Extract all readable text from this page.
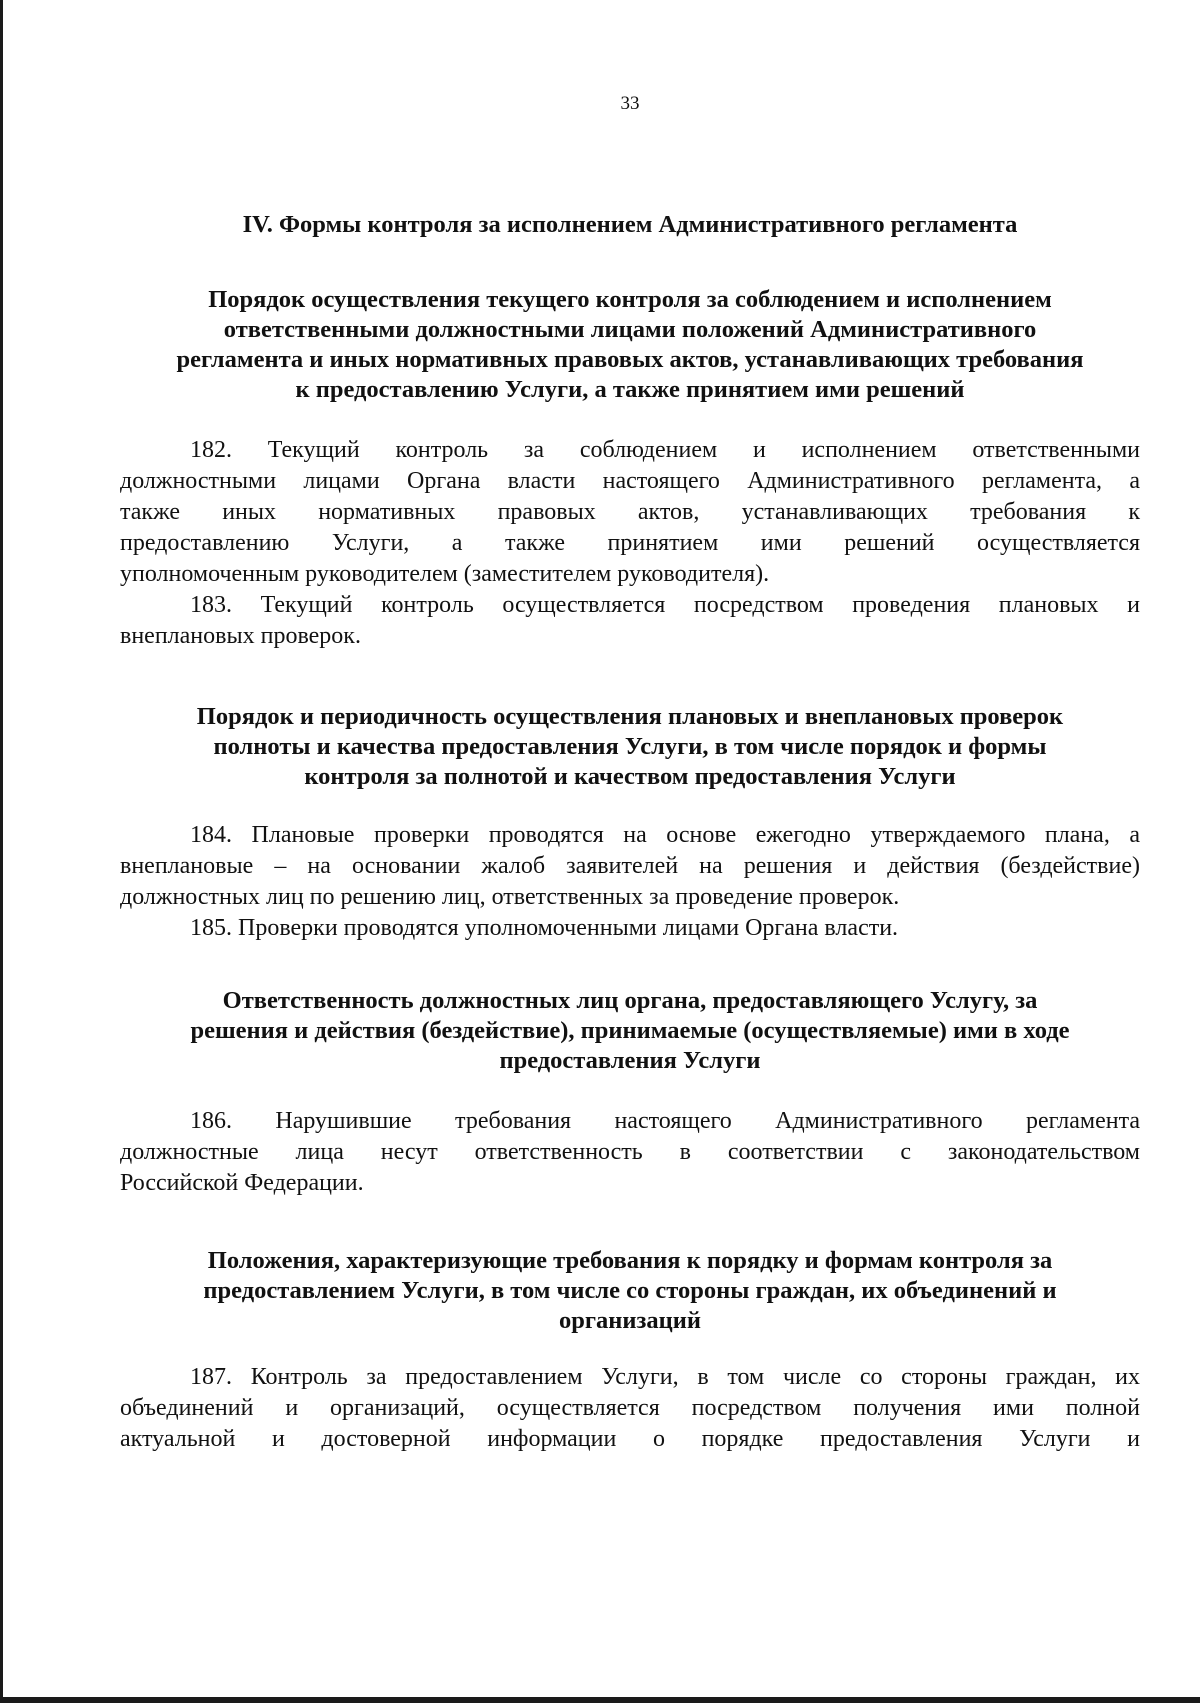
33
IV. Формы контроля за исполнением Административного регламента
Порядок осуществления текущего контроля за соблюдением и исполнением
ответственными должностными лицами положений Административного
регламента и иных нормативных правовых актов, устанавливающих требования
к предоставлению Услуги, а также принятием ими решений
182. Текущий контроль за соблюдением и исполнением ответственными
должностными лицами Органа власти настоящего Административного регламента, а
также иных нормативных правовых актов, устанавливающих требования к
предоставлению Услуги, а также принятием ими решений осуществляется
уполномоченным руководителем (заместителем руководителя).
183. Текущий контроль осуществляется посредством проведения плановых и
внеплановых проверок.
Порядок и периодичность осуществления плановых и внеплановых проверок
полноты и качества предоставления Услуги, в том числе порядок и формы
контроля за полнотой и качеством предоставления Услуги
184. Плановые проверки проводятся на основе ежегодно утверждаемого плана, а
внеплановые – на основании жалоб заявителей на решения и действия (бездействие)
должностных лиц по решению лиц, ответственных за проведение проверок.
185. Проверки проводятся уполномоченными лицами Органа власти.
Ответственность должностных лиц органа, предоставляющего Услугу, за
решения и действия (бездействие), принимаемые (осуществляемые) ими в ходе
предоставления Услуги
186. Нарушившие требования настоящего Административного регламента
должностные лица несут ответственность в соответствии с законодательством
Российской Федерации.
Положения, характеризующие требования к порядку и формам контроля за
предоставлением Услуги, в том числе со стороны граждан, их объединений и
организаций
187. Контроль за предоставлением Услуги, в том числе со стороны граждан, их
объединений и организаций, осуществляется посредством получения ими полной
актуальной и достоверной информации о порядке предоставления Услуги и
